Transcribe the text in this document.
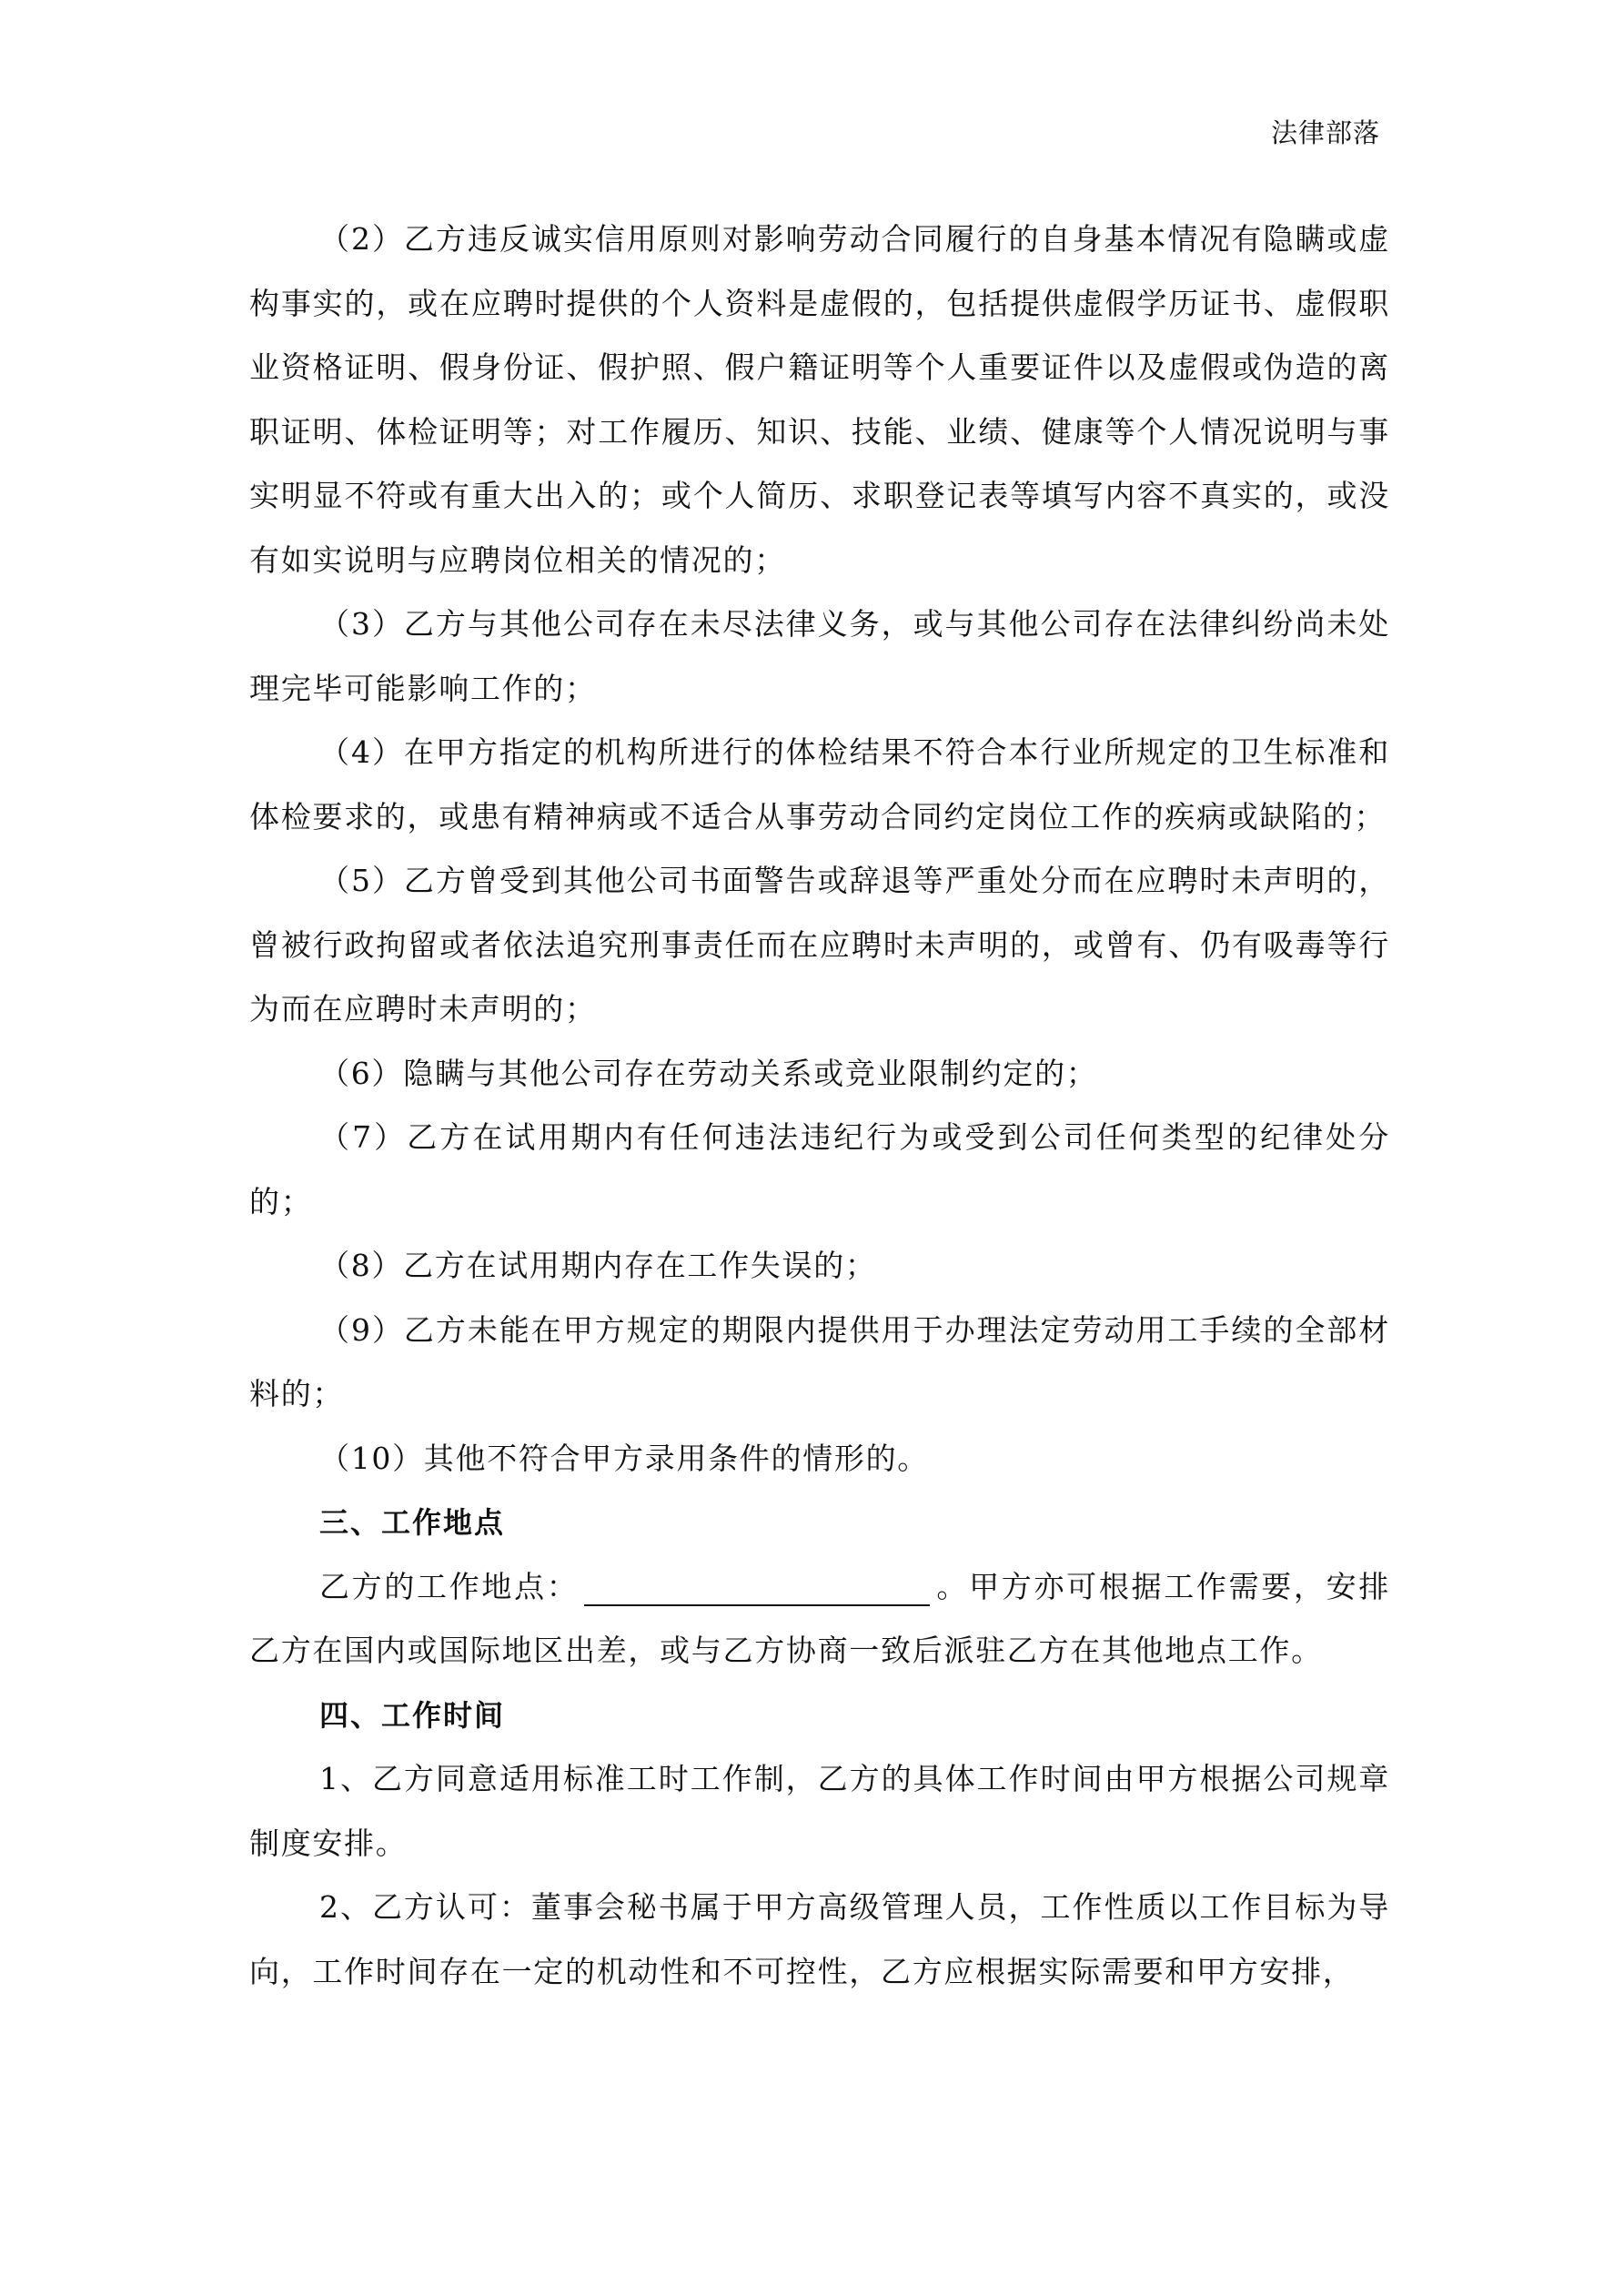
法律部落

（2）乙方违反诚实信用原则对影响劳动合同履行的自身基本情况有隐瞒或虚构事实的，或在应聘时提供的个人资料是虚假的，包括提供虚假学历证书、虚假职业资格证明、假身份证、假护照、假户籍证明等个人重要证件以及虚假或伪造的离职证明、体检证明等；对工作履历、知识、技能、业绩、健康等个人情况说明与事实明显不符或有重大出入的；或个人简历、求职登记表等填写内容不真实的，或没有如实说明与应聘岗位相关的情况的；

（3）乙方与其他公司存在未尽法律义务，或与其他公司存在法律纠纷尚未处理完毕可能影响工作的；

（4）在甲方指定的机构所进行的体检结果不符合本行业所规定的卫生标准和体检要求的，或患有精神病或不适合从事劳动合同约定岗位工作的疾病或缺陷的；

（5）乙方曾受到其他公司书面警告或辞退等严重处分而在应聘时未声明的，曾被行政拘留或者依法追究刑事责任而在应聘时未声明的，或曾有、仍有吸毒等行为而在应聘时未声明的；

（6）隐瞒与其他公司存在劳动关系或竞业限制约定的；

（7）乙方在试用期内有任何违法违纪行为或受到公司任何类型的纪律处分的；

（8）乙方在试用期内存在工作失误的；

（9）乙方未能在甲方规定的期限内提供用于办理法定劳动用工手续的全部材料的；

（10）其他不符合甲方录用条件的情形的。

三、工作地点

乙方的工作地点：	。甲方亦可根据工作需要，安排乙方在国内或国际地区出差，或与乙方协商一致后派驻乙方在其他地点工作。

四、工作时间

1、乙方同意适用标准工时工作制，乙方的具体工作时间由甲方根据公司规章制度安排。

2、乙方认可：董事会秘书属于甲方高级管理人员，工作性质以工作目标为导向，工作时间存在一定的机动性和不可控性，乙方应根据实际需要和甲方安排，
